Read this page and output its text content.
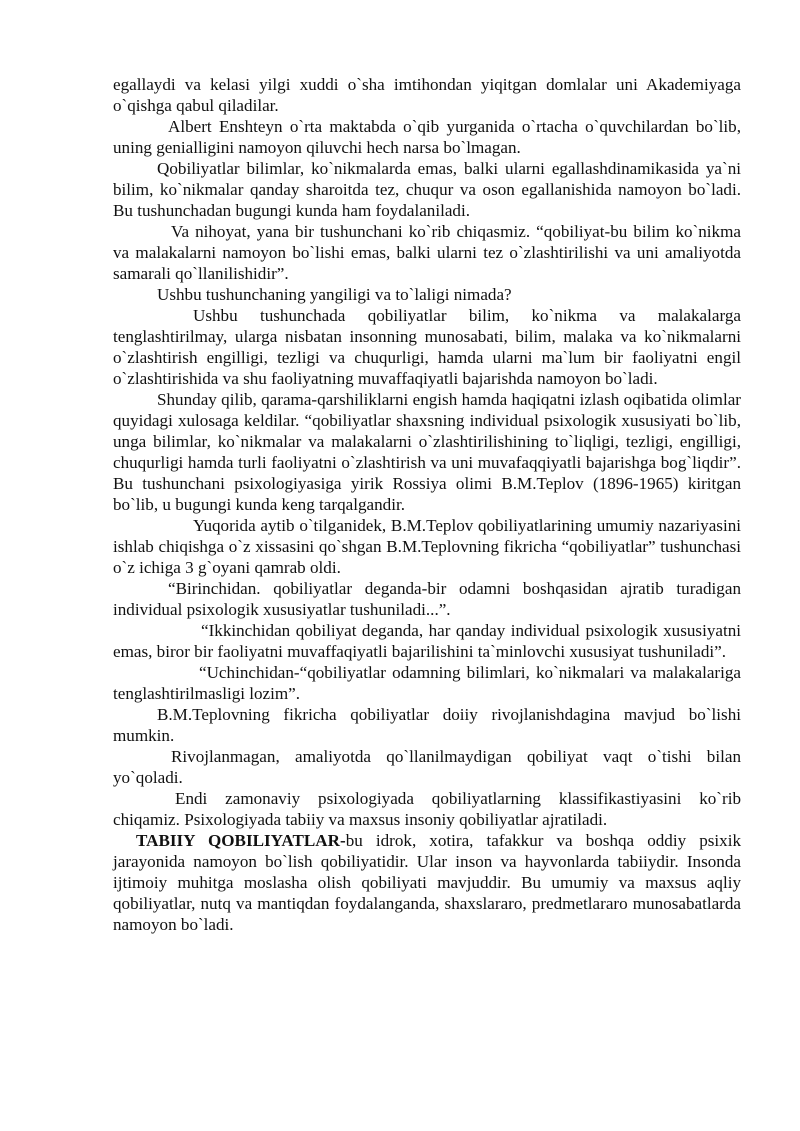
egallaydi va kelasi yilgi xuddi o`sha imtihondan yiqitgan domlalar uni Akademiyaga o`qishga qabul qiladilar.

Albert Enshteyn o`rta maktabda o`qib yurganida o`rtacha o`quvchilardan bo`lib, uning genialligini namoyon qiluvchi hech narsa bo`lmagan.

Qobiliyatlar bilimlar, ko`nikmalarda emas, balki ularni egallashdinamikasida ya`ni bilim, ko`nikmalar qanday sharoitda tez, chuqur va oson egallanishida namoyon bo`ladi. Bu tushunchadan bugungi kunda ham foydalaniladi.

Va nihoyat, yana bir tushunchani ko`rib chiqasmiz. “qobiliyat-bu bilim ko`nikma va malakalarni namoyon bo`lishi emas, balki ularni tez o`zlashtirilishi va uni amaliyotda samarali qo`llanilishidir”.

Ushbu tushunchaning yangiligi va to`laligi nimada?

Ushbu tushunchada qobiliyatlar bilim, ko`nikma va malakalarga tenglashtirilmay, ularga nisbatan insonning munosabati, bilim, malaka va ko`nikmalarni o`zlashtirish engilligi, tezligi va chuqurligi, hamda ularni ma`lum bir faoliyatni engil o`zlashtirishida va shu faoliyatning muvaffaqiyatli bajarishda namoyon bo`ladi.

Shunday qilib, qarama-qarshiliklarni engish hamda haqiqatni izlash oqibatida olimlar quyidagi xulosaga keldilar. “qobiliyatlar shaxsning individual psixologik xususiyati bo`lib, unga bilimlar, ko`nikmalar va malakalarni o`zlashtirilishining to`liqligi, tezligi, engilligi, chuqurligi hamda turli faoliyatni o`zlashtirish va uni muvafaqqiyatli bajarishga bog`liqdir”. Bu tushunchani psixologiyasiga yirik Rossiya olimi B.M.Teplov (1896-1965) kiritgan bo`lib, u bugungi kunda keng tarqalgandir.

Yuqorida aytib o`tilganidek, B.M.Teplov qobiliyatlarining umumiy nazariyasini ishlab chiqishga o`z xissasini qo`shgan B.M.Teplovning fikricha “qobiliyatlar” tushunchasi o`z ichiga 3 g`oyani qamrab oldi.

“Birinchidan. qobiliyatlar deganda-bir odamni boshqasidan ajratib turadigan individual psixologik xususiyatlar tushuniladi...”.

“Ikkinchidan qobiliyat deganda, har qanday individual psixologik xususiyatni emas, biror bir faoliyatni muvaffaqiyatli bajarilishini ta`minlovchi xususiyat tushuniladi”.

“Uchinchidan-“qobiliyatlar odamning bilimlari, ko`nikmalari va malakalariga tenglashtirilmasligi lozim”.

B.M.Teplovning fikricha qobiliyatlar doiiy rivojlanishdagina mavjud bo`lishi mumkin.

Rivojlanmagan, amaliyotda qo`llanilmaydigan qobiliyat vaqt o`tishi bilan yo`qoladi.

Endi zamonaviy psixologiyada qobiliyatlarning klassifikastiyasini ko`rib chiqamiz. Psixologiyada tabiiy va maxsus insoniy qobiliyatlar ajratiladi.

TABIIY QOBILIYATLAR-bu idrok, xotira, tafakkur va boshqa oddiy psixik jarayonida namoyon bo`lish qobiliyatidir. Ular inson va hayvonlarda tabiiydir. Insonda ijtimoiy muhitga moslasha olish qobiliyati mavjuddir. Bu umumiy va maxsus aqliy qobiliyatlar, nutq va mantiqdan foydalanganda, shaxslararo, predmetlararo munosabatlarda namoyon bo`ladi.
